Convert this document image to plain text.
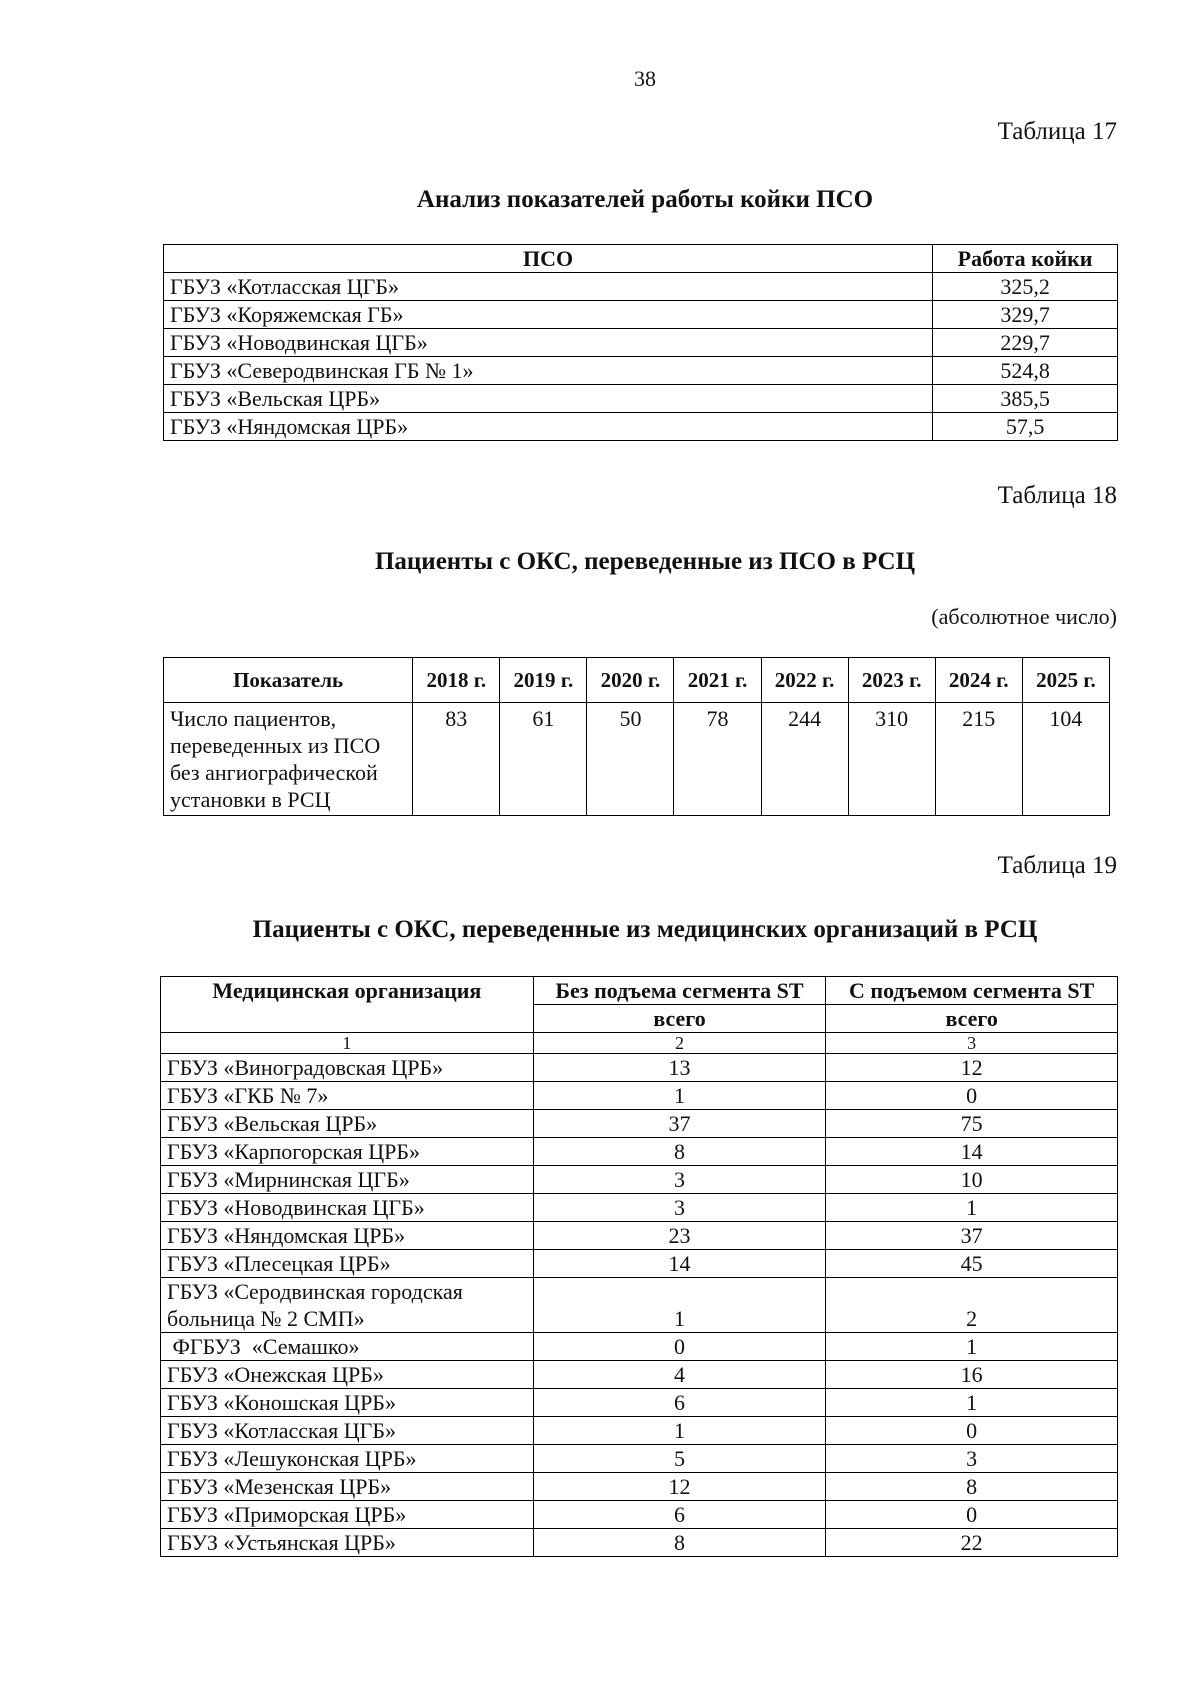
38
Таблица 17
Анализ показателей работы койки ПСО
ПСО	Работа койки
ГБУЗ «Котласская ЦГБ»	325,2
ГБУЗ «Коряжемская ГБ»	329,7
ГБУЗ «Новодвинская ЦГБ»	229,7
ГБУЗ «Северодвинская ГБ № 1»	524,8
ГБУЗ «Вельская ЦРБ»	385,5
ГБУЗ «Няндомская ЦРБ»	57,5
Таблица 18
Пациенты с ОКС, переведенные из ПСО в РСЦ
(абсолютное число)
Показатель	2018 г.	2019 г.	2020 г.	2021 г.	2022 г.	2023 г.	2024 г.	2025 г.

Число пациентов,
переведенных из ПСО
без ангиографической
установки в РСЦ	83	61	50	78	244	310	215	104
Таблица 19
Пациенты с ОКС, переведенные из медицинских организаций в РСЦ
Медицинская организация	Без подъема сегмента ST	С подъемом сегмента ST
	всего	всего
1	2	3
ГБУЗ «Виноградовская ЦРБ»	13	12
ГБУЗ «ГКБ № 7»	1	0
ГБУЗ «Вельская ЦРБ»	37	75
ГБУЗ «Карпогорская ЦРБ»	8	14
ГБУЗ «Мирнинская ЦГБ»	3	10
ГБУЗ «Новодвинская ЦГБ»	3	1
ГБУЗ «Няндомская ЦРБ»	23	37
ГБУЗ «Плесецкая ЦРБ»	14	45

ГБУЗ «Сeродвинская городская
больница № 2 СМП»	1	2
ФГБУЗ  «Семашко»	0	1
ГБУЗ «Онежская ЦРБ»	4	16
ГБУЗ «Коношская ЦРБ»	6	1
ГБУЗ «Котласская ЦГБ»	1	0
ГБУЗ «Лешуконская ЦРБ»	5	3
ГБУЗ «Мезенская ЦРБ»	12	8
ГБУЗ «Приморская ЦРБ»	6	0
ГБУЗ «Устьянская ЦРБ»	8	22
